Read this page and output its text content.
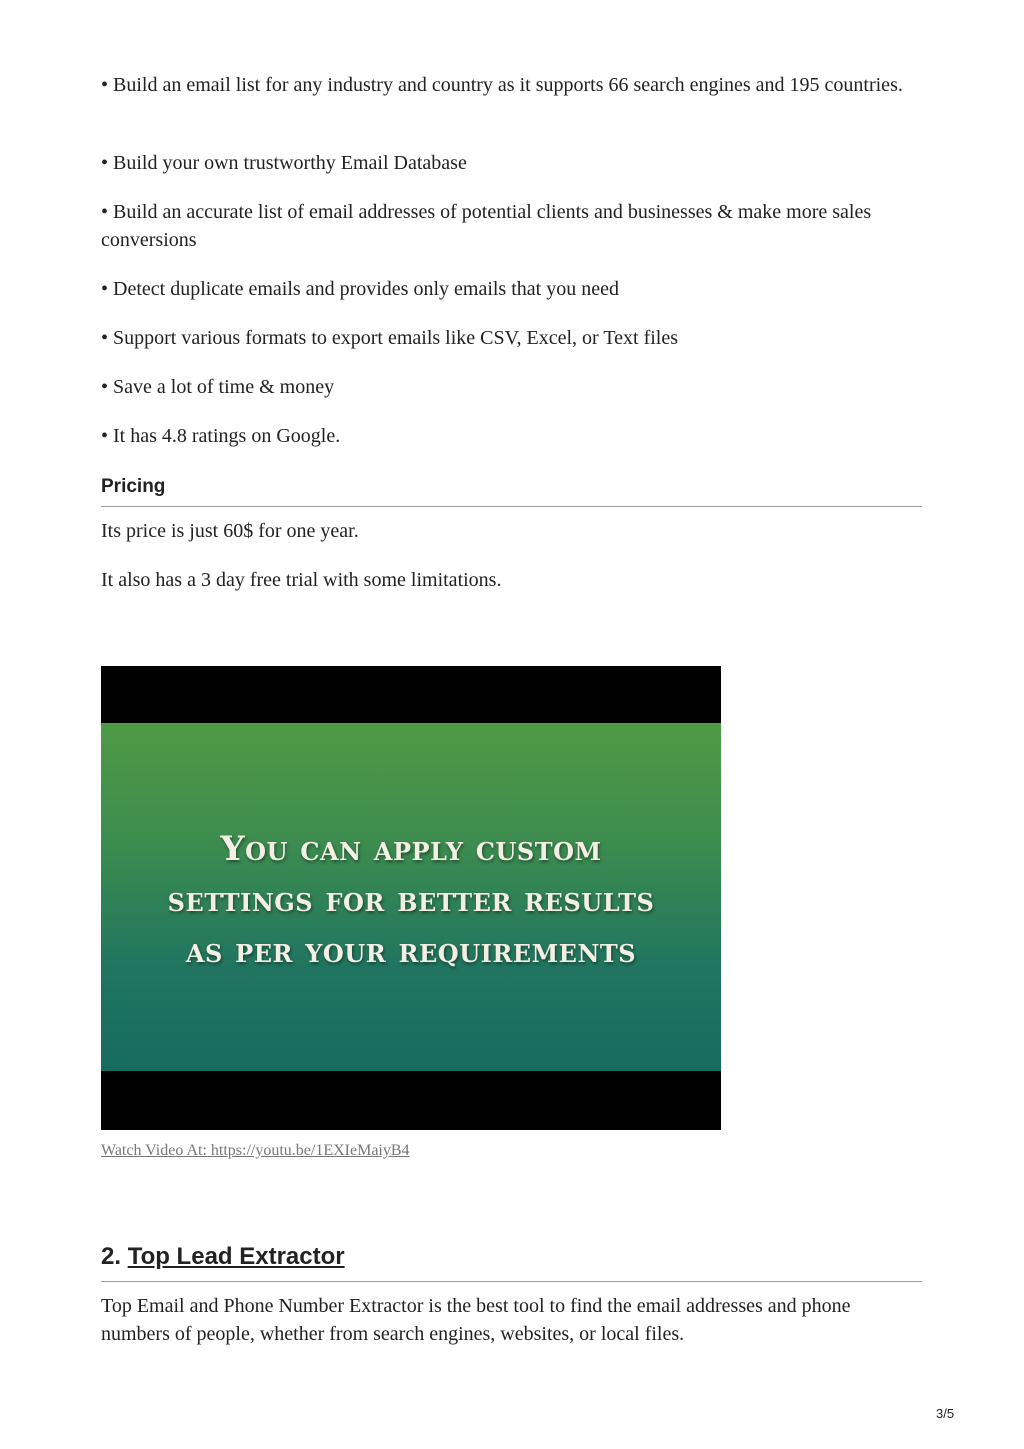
• Build an email list for any industry and country as it supports 66 search engines and 195 countries.
• Build your own trustworthy Email Database
• Build an accurate list of email addresses of potential clients and businesses & make more sales conversions
• Detect duplicate emails and provides only emails that you need
• Support various formats to export emails like CSV, Excel, or Text files
• Save a lot of time & money
• It has 4.8 ratings on Google.
Pricing
Its price is just 60$ for one year.
It also has a 3 day free trial with some limitations.
You can apply custom
settings for better results
as per your requirements
Watch Video At: https://youtu.be/1EXIeMaiyB4
2. Top Lead Extractor
Top Email and Phone Number Extractor is the best tool to find the email addresses and phone numbers of people, whether from search engines, websites, or local files.
3/5
